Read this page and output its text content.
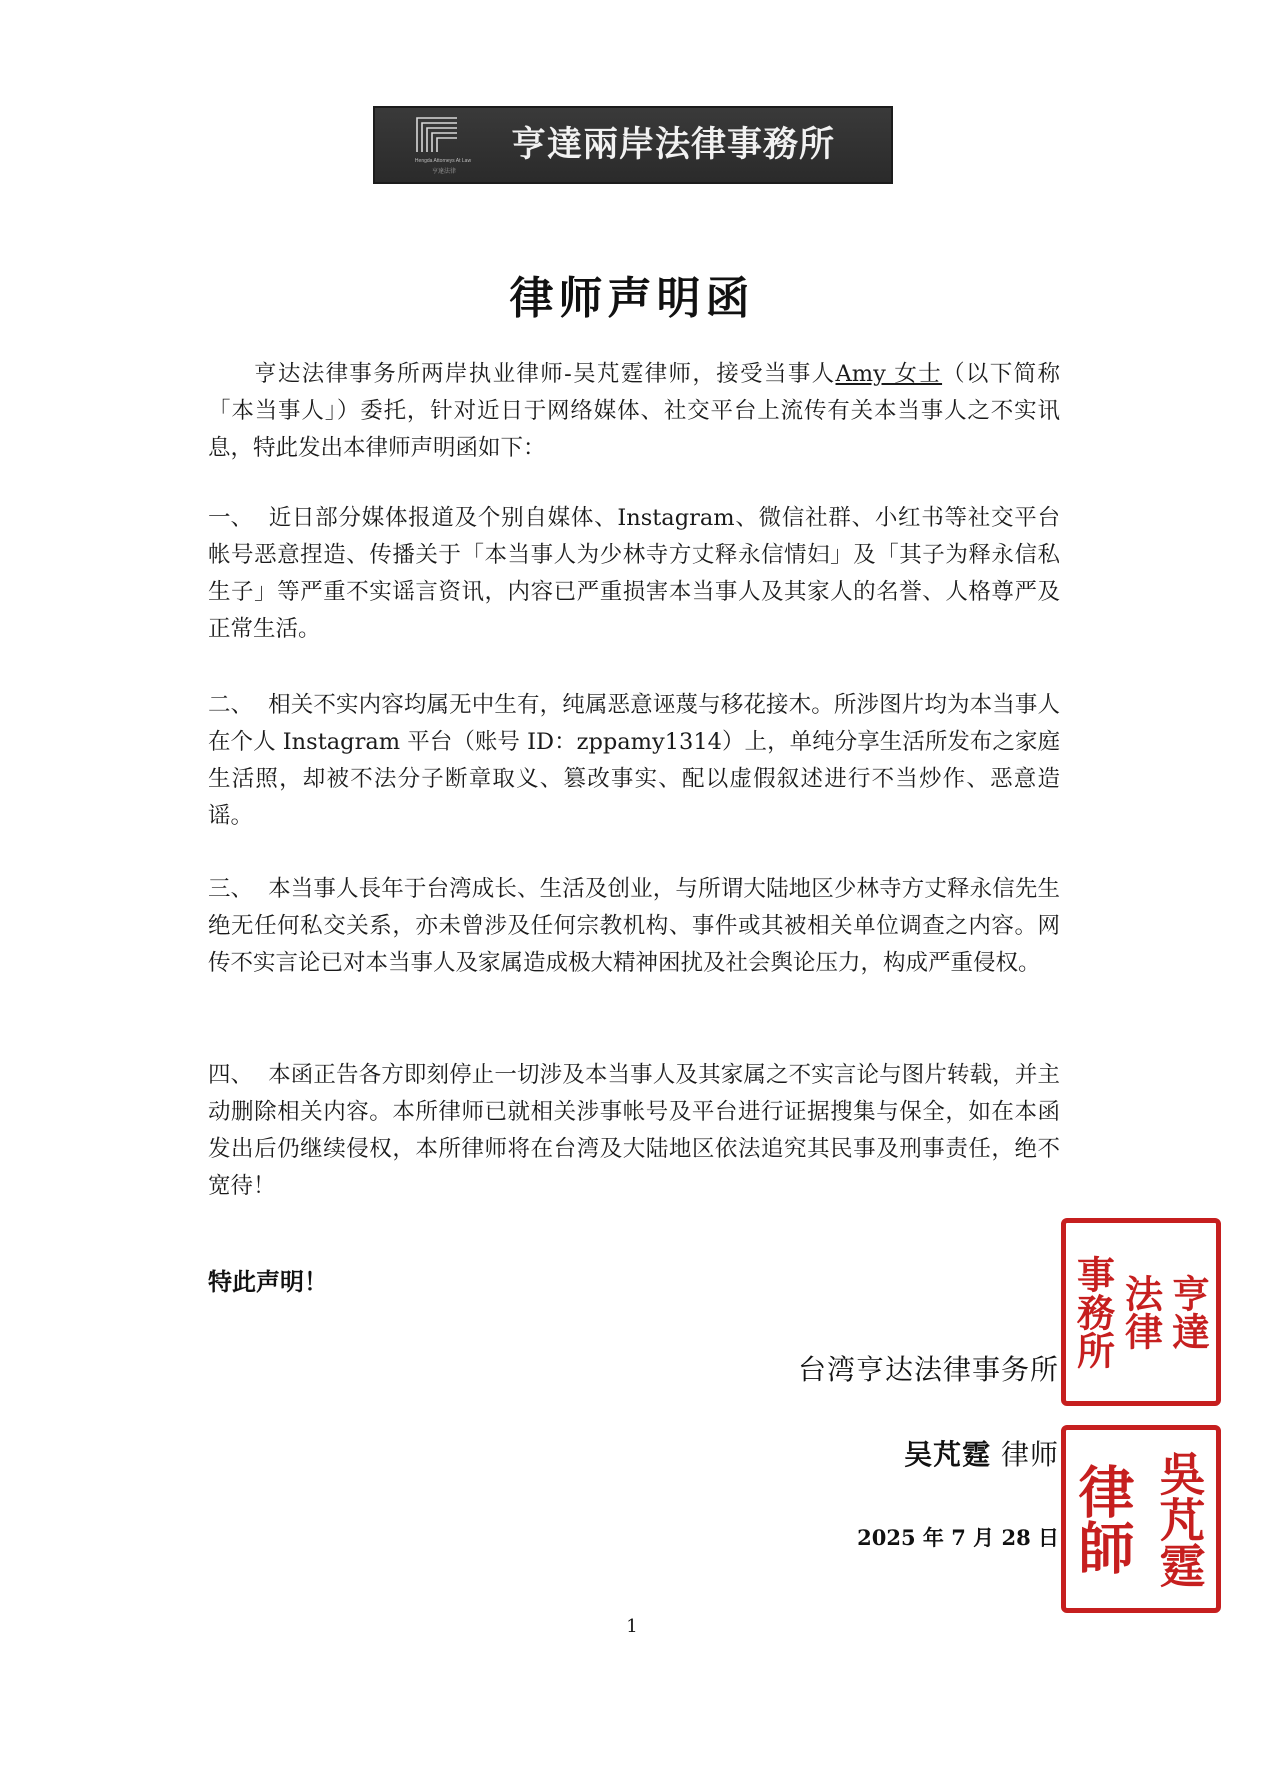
Hengda Attorneys At Law
亨達法律
亨達兩岸法律事務所
律师声明函

亨达法律事务所两岸执业律师-吴芃霆律师，接受当事人Amy 女士（以下简称「本当事人」）委托，针对近日于网络媒体、社交平台上流传有关本当事人之不实讯息，特此发出本律师声明函如下：

一、 近日部分媒体报道及个别自媒体、Instagram、微信社群、小红书等社交平台帐号恶意捏造、传播关于「本当事人为少林寺方丈释永信情妇」及「其子为释永信私生子」等严重不实谣言资讯，内容已严重损害本当事人及其家人的名誉、人格尊严及正常生活。

二、 相关不实内容均属无中生有，纯属恶意诬蔑与移花接木。所涉图片均为本当事人在个人 Instagram 平台（账号 ID：zppamy1314）上，单纯分享生活所发布之家庭生活照，却被不法分子断章取义、篡改事实、配以虚假叙述进行不当炒作、恶意造谣。

三、 本当事人長年于台湾成长、生活及创业，与所谓大陆地区少林寺方丈释永信先生绝无任何私交关系，亦未曾涉及任何宗教机构、事件或其被相关单位调查之内容。网传不实言论已对本当事人及家属造成极大精神困扰及社会舆论压力，构成严重侵权。

四、 本函正告各方即刻停止一切涉及本当事人及其家属之不实言论与图片转载，并主动删除相关内容。本所律师已就相关涉事帐号及平台进行证据搜集与保全，如在本函发出后仍继续侵权，本所律师将在台湾及大陆地区依法追究其民事及刑事责任，绝不宽待！

特此声明！

台湾亨达法律事务所
吴芃霆 律师
2025 年 7 月 28 日
亨達
法律
事務所
吳芃霆
律師
1
